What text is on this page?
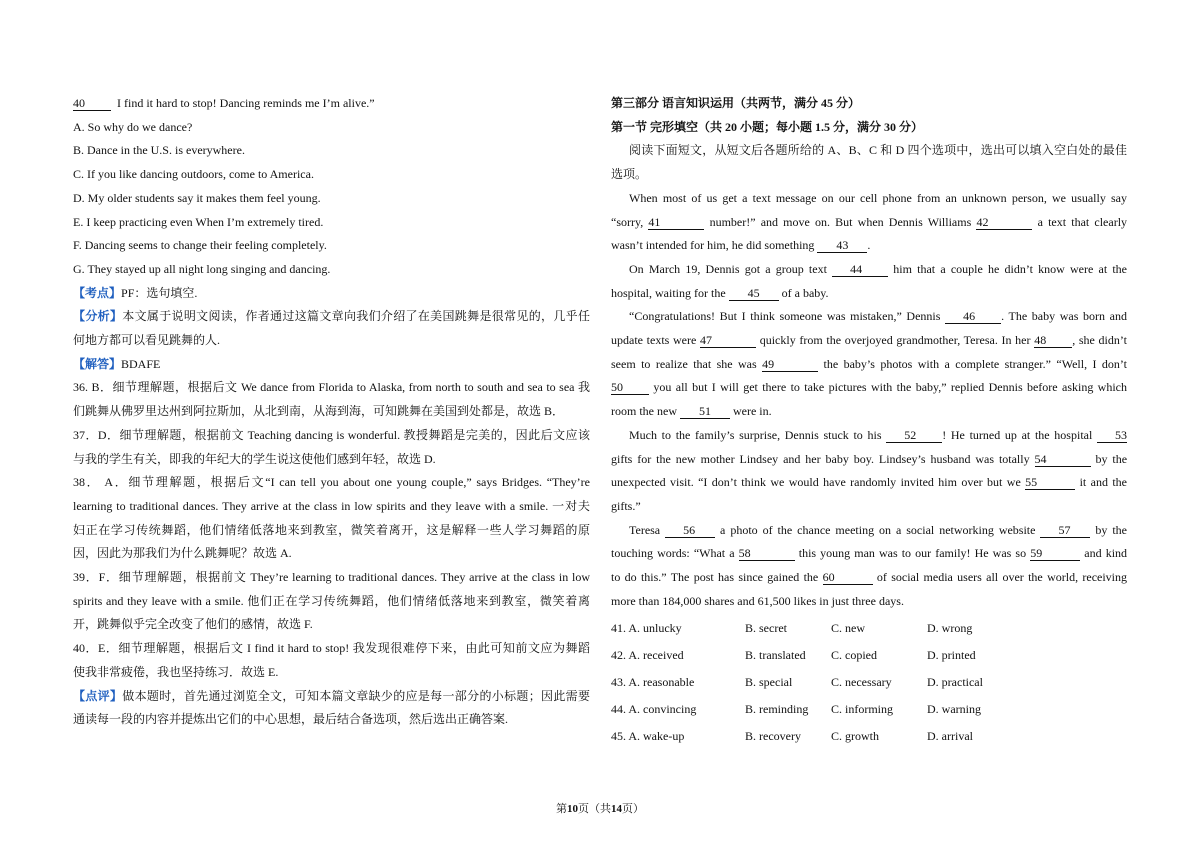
40	I find it hard to stop! Dancing reminds me I’m alive.”
A. So why do we dance?
B. Dance in the U.S. is everywhere.
C. If you like dancing outdoors, come to America.
D. My older students say it makes them feel young.
E. I keep practicing even When I’m extremely tired.
F. Dancing seems to change their feeling completely.
G. They stayed up all night long singing and dancing.
【考点】PF：选句填空.
【分析】本文属于说明文阅读，作者通过这篇文章向我们介绍了在美国跳舞是很常见的，几乎任
何地方都可以看见跳舞的人.
【解答】BDAFE
36. B．细节理解题，根据后文 We dance from Florida to Alaska, from north to south and sea to sea 我
们跳舞从佛罗里达州到阿拉斯加，从北到南，从海到海，可知跳舞在美国到处都是，故选 B．
37．D．细节理解题，根据前文 Teaching dancing is wonderful. 教授舞蹈是完美的，因此后文应该
与我的学生有关，即我的年纪大的学生说这使他们感到年轻，故选 D.
38． A．细节理解题，根据后文“I can tell you about one young couple,” says Bridges. “They’re
learning to traditional dances. They arrive at the class in low spirits and they leave with a smile. 一对夫
妇正在学习传统舞蹈，他们情绪低落地来到教室，微笑着离开，这是解释一些人学习舞蹈的原
因，因此为那我们为什么跳舞呢？故选 A.
39．F．细节理解题，根据前文 They’re learning to traditional dances. They arrive at the class in low
spirits and they leave with a smile. 他们正在学习传统舞蹈，他们情绪低落地来到教室，微笑着离
开，跳舞似乎完全改变了他们的感情，故选 F.
40．E．细节理解题，根据后文 I find it hard to stop! 我发现很难停下来，由此可知前文应为舞蹈
使我非常疲倦，我也坚持练习．故选 E.
【点评】做本题时，首先通过浏览全文，可知本篇文章缺少的应是每一部分的小标题；因此需要
通读每一段的内容并提炼出它们的中心思想，最后结合备选项，然后选出正确答案.
第三部分 语言知识运用（共两节，满分 45 分）
第一节 完形填空（共 20 小题；每小题 1.5 分，满分 30 分）
阅读下面短文，从短文后各题所给的 A、B、C 和 D 四个选项中，选出可以填入空白处的最佳
选项。
When most of us get a text message on our cell phone from an unknown person, we usually say
“sorry, 41	number!” and move on. But when Dennis Williams 42	a text that clearly
wasn’t intended for him, he did something 43 .
On March 19, Dennis got a group text 44	him that a couple he didn’t know were at the
hospital, waiting for the 45 of a baby.
“Congratulations! But I think someone was mistaken,” Dennis 46 . The baby was born and
update texts were 47	quickly from the overjoyed grandmother, Teresa. In her 48 , she didn’t
seem to realize that she was 49	the baby’s photos with a complete stranger.” “Well, I don’t
50	you all but I will get there to take pictures with the baby,” replied Dennis before asking which
room the new 51 were in.
Much to the family’s surprise, Dennis stuck to his 52 ! He turned up at the hospital 53
gifts for the new mother Lindsey and her baby boy. Lindsey’s husband was totally 54	by the
unexpected visit. “I don’t think we would have randomly invited him over but we 55	it and the
gifts.”
Teresa 56 a photo of the chance meeting on a social networking website 57 by the
touching words: “What a 58	this young man was to our family! He was so 59	and kind
to do this.” The post has since gained the 60	of social media users all over the world, receiving
more than 184,000 shares and 61,500 likes in just three days.
41. A. unlucky	B. secret	C. new	D. wrong
42. A. received	B. translated	C. copied	D. printed
43. A. reasonable	B. special	C. necessary	D. practical
44. A. convincing	B. reminding	C. informing	D. warning
45. A. wake-up	B. recovery	C. growth	D. arrival
第10页（共14页）
